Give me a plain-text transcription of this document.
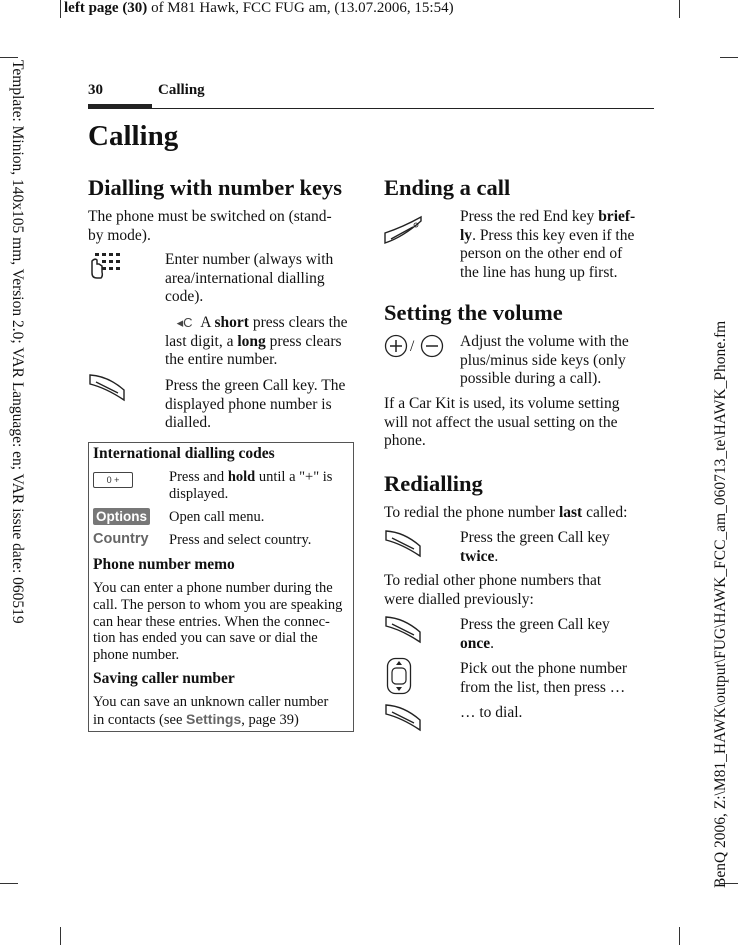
left page (30) of M81 Hawk, FCC FUG am, (13.07.2006, 15:54)
Template: Minion, 140x105 mm, Version 2.0; VAR Language: en; VAR issue date: 060519	BenQ 2006, Z:\M81_HAWK\output\FUG\HAWK_FCC_am_060713_te\HAWK_Phone.fm
30	Calling
Calling
Dialling with number keys
The phone must be switched on (stand-
by mode).
Enter number (always with
area/international dialling
code).
◂C A short press clears the
last digit, a long press clears
the entire number.
Press the green Call key. The
displayed phone number is
dialled.
International dialling codes
0 +	Press and hold until a "+" is
displayed.
Options Open call menu.
Country Press and select country.
Phone number memo
You can enter a phone number during the
call. The person to whom you are speaking
can hear these entries. When the connec-
tion has ended you can save or dial the
phone number.
Saving caller number
You can save an unknown caller number
in contacts (see Settings, page 39)
Ending a call
Press the red End key brief-
ly. Press this key even if the
person on the other end of
the line has hung up first.
Setting the volume
/	Adjust the volume with the
plus/minus side keys (only
possible during a call).
If a Car Kit is used, its volume setting
will not affect the usual setting on the
phone.
Redialling
To redial the phone number last called:
Press the green Call key
twice.
To redial other phone numbers that
were dialled previously:
Press the green Call key
once.
Pick out the phone number
from the list, then press …
… to dial.
